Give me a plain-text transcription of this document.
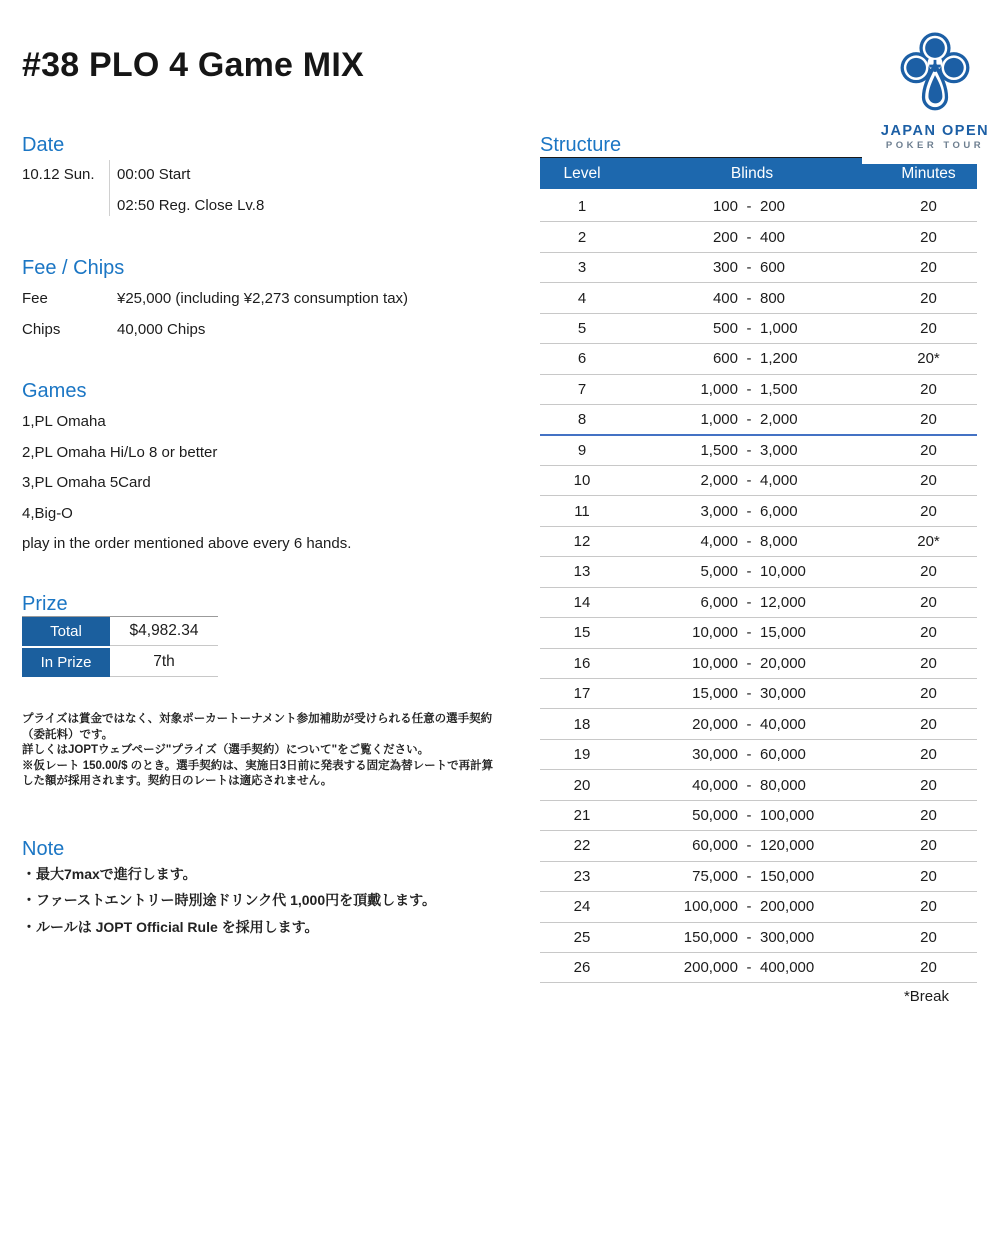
#38 PLO 4 Game MIX
JAPAN OPEN
POKER TOUR
Date
10.12 Sun. 00:00 Start
02:50 Reg. Close Lv.8
Fee / Chips
Fee	¥25,000 (including ¥2,273 consumption tax)
Chips	40,000 Chips
Games
1,PL Omaha
2,PL Omaha Hi/Lo 8 or better
3,PL Omaha 5Card
4,Big-O
play in the order mentioned above every 6 hands.
Prize
Total	$4,982.34
In Prize	7th
プライズは賞金ではなく、対象ポーカートーナメント参加補助が受けられる任意の選手契約（委託料）です。
詳しくはJOPTウェブページ"プライズ（選手契約）について"をご覧ください。
※仮レート 150.00/$ のとき。選手契約は、実施日3日前に発表する固定為替レートで再計算した額が採用されます。契約日のレートは適応されません。
Note
・最大7maxで進行します。
・ファーストエントリー時別途ドリンク代 1,000円を頂戴します。
・ルールは JOPT Official Rule を採用します。
Structure
Level	Blinds	Minutes
1	100 - 200	20
2	200 - 400	20
3	300 - 600	20
4	400 - 800	20
5	500 - 1,000	20
6	600 - 1,200	20*
7	1,000 - 1,500	20
8	1,000 - 2,000	20
9	1,500 - 3,000	20
10	2,000 - 4,000	20
11	3,000 - 6,000	20
12	4,000 - 8,000	20*
13	5,000 - 10,000	20
14	6,000 - 12,000	20
15	10,000 - 15,000	20
16	10,000 - 20,000	20
17	15,000 - 30,000	20
18	20,000 - 40,000	20
19	30,000 - 60,000	20
20	40,000 - 80,000	20
21	50,000 - 100,000	20
22	60,000 - 120,000	20
23	75,000 - 150,000	20
24	100,000 - 200,000	20
25	150,000 - 300,000	20
26	200,000 - 400,000	20
*Break
